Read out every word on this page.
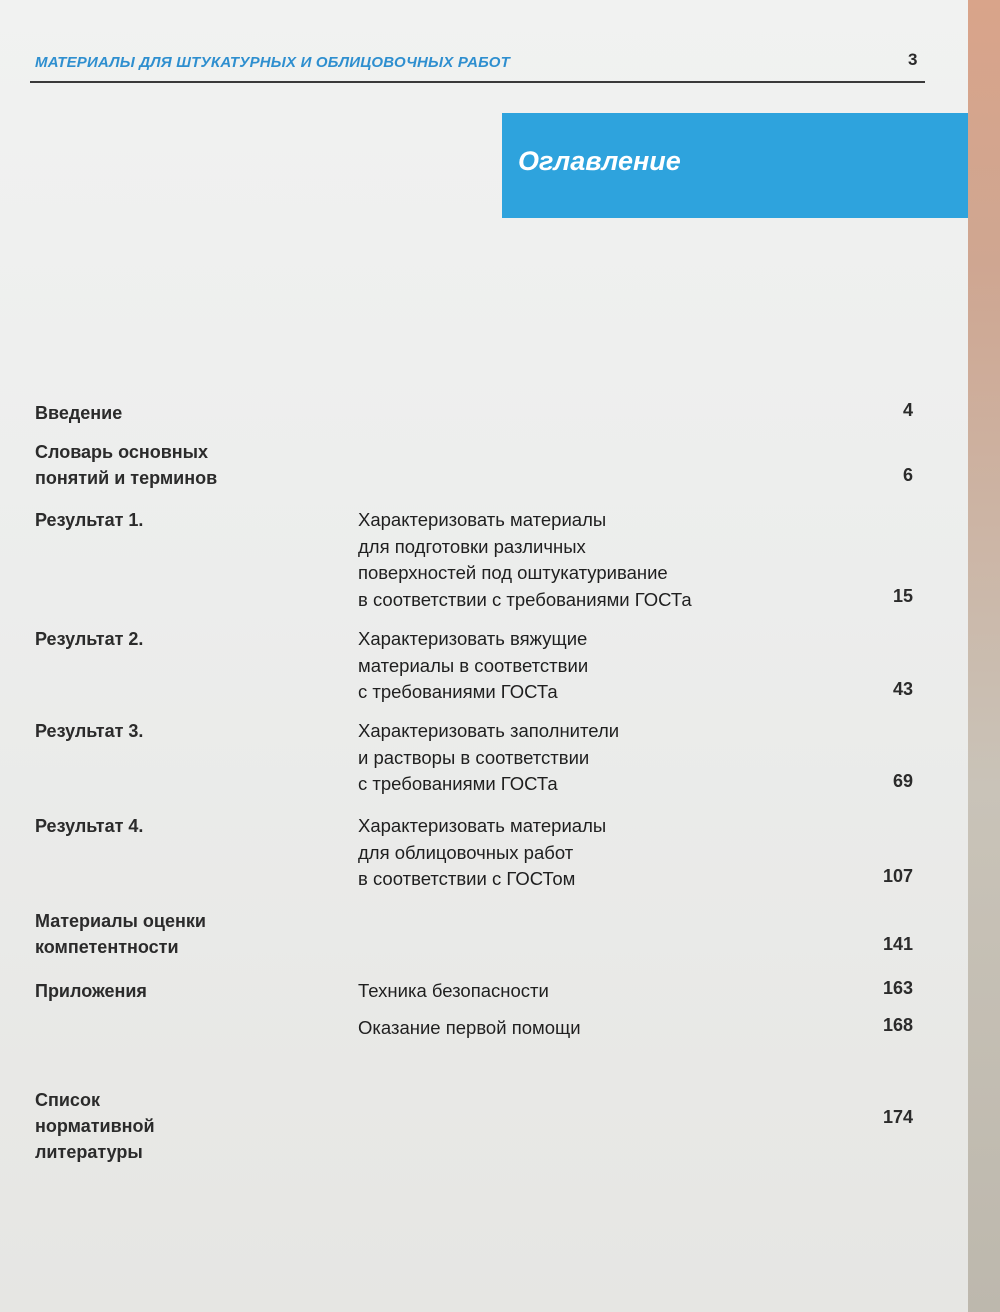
МАТЕРИАЛЫ ДЛЯ ШТУКАТУРНЫХ И ОБЛИЦОВОЧНЫХ РАБОТ	3
Оглавление
Введение	4
Словарь основных
понятий и терминов	6
Результат 1.	Характеризовать материалы
для подготовки различных
поверхностей под оштукатуривание
в соответствии с требованиями ГОСТа	15
Результат 2.	Характеризовать вяжущие
материалы в соответствии
с требованиями ГОСТа	43
Результат 3.	Характеризовать заполнители
и растворы в соответствии
с требованиями ГОСТа	69
Результат 4.	Характеризовать материалы
для облицовочных работ
в соответствии с ГОСТом	107
Материалы оценки
компетентности	141
Приложения	Техника безопасности	163
Оказание первой помощи	168
Список
нормативной
литературы
174
